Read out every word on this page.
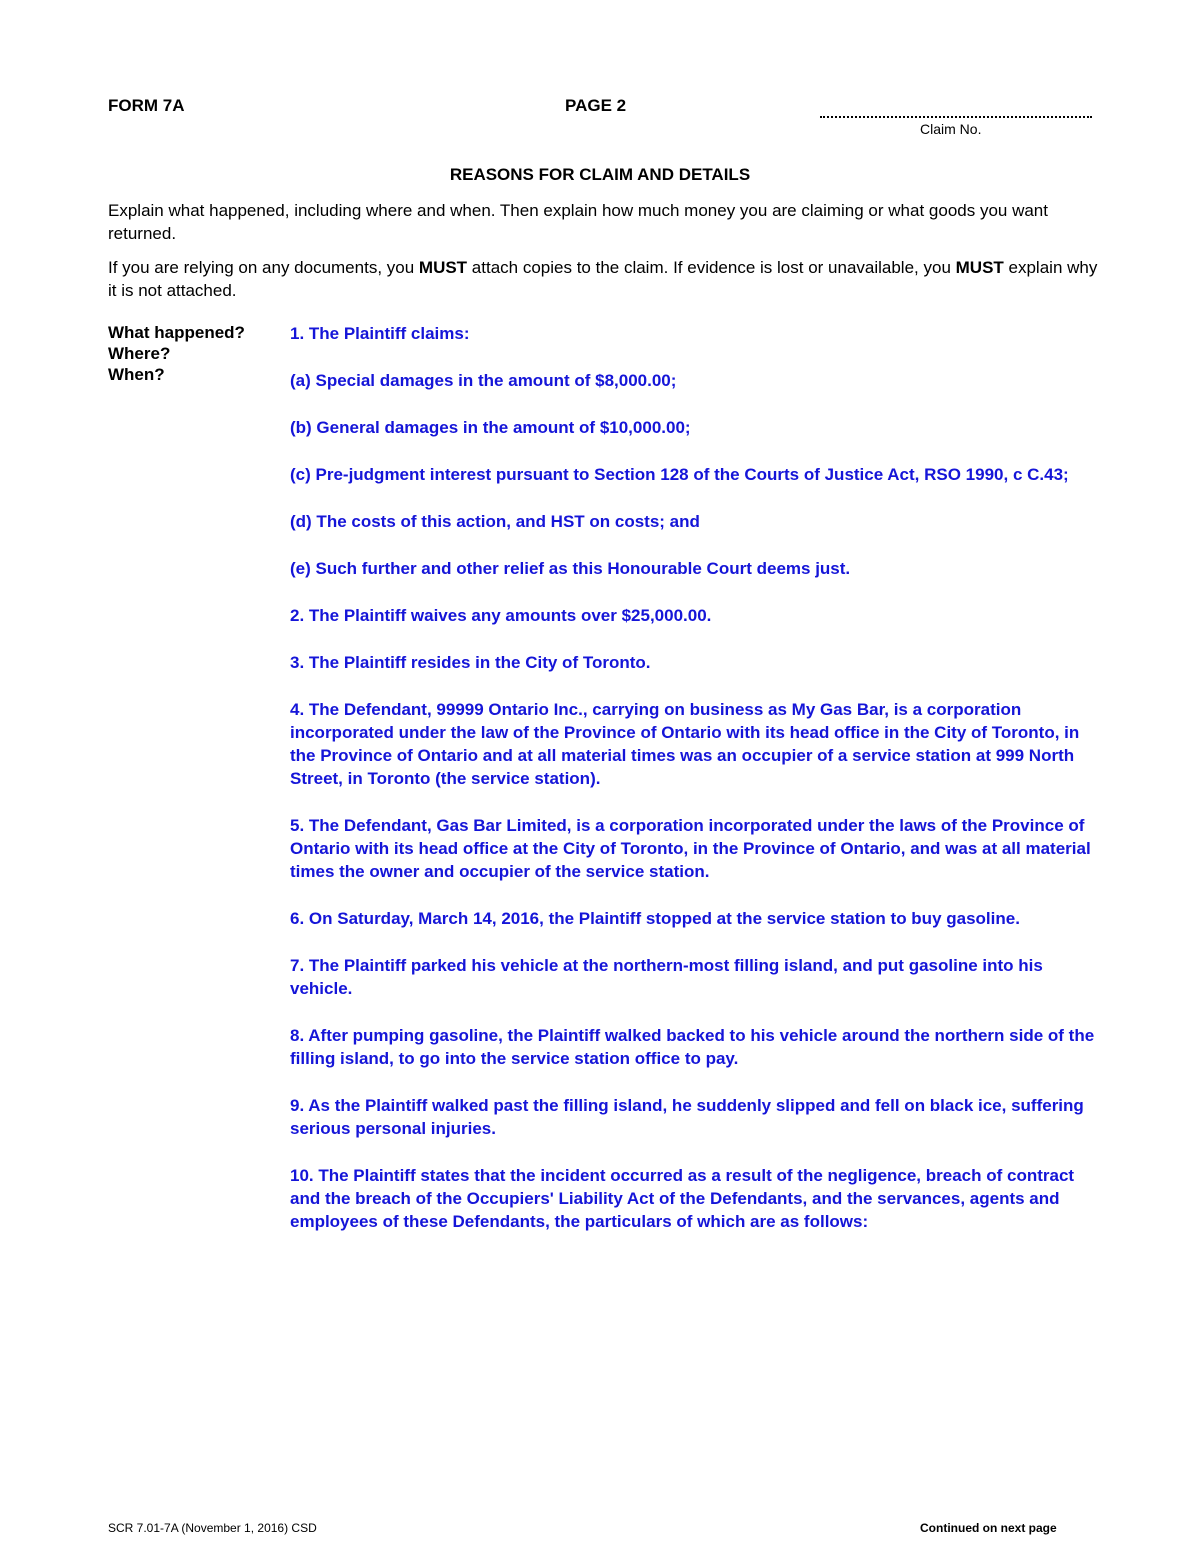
FORM 7A	PAGE 2
Claim No.
REASONS FOR CLAIM AND DETAILS
Explain what happened, including where and when. Then explain how much money you are claiming or what goods you want returned.
If you are relying on any documents, you MUST attach copies to the claim. If evidence is lost or unavailable, you MUST explain why it is not attached.
What happened?
Where?
When?

1. The Plaintiff claims:

(a) Special damages in the amount of $8,000.00;

(b) General damages in the amount of $10,000.00;

(c) Pre-judgment interest pursuant to Section 128 of the Courts of Justice Act, RSO 1990, c C.43;

(d) The costs of this action, and HST on costs; and

(e) Such further and other relief as this Honourable Court deems just.

2. The Plaintiff waives any amounts over $25,000.00.

3. The Plaintiff resides in the City of Toronto.

4. The Defendant, 99999 Ontario Inc., carrying on business as My Gas Bar, is a corporation incorporated under the law of the Province of Ontario with its head office in the City of Toronto, in the Province of Ontario and at all material times was an occupier of a service station at 999 North Street, in Toronto (the service station).

5. The Defendant, Gas Bar Limited, is a corporation incorporated under the laws of the Province of Ontario with its head office at the City of Toronto, in the Province of Ontario, and was at all material times the owner and occupier of the service station.

6. On Saturday, March 14, 2016, the Plaintiff stopped at the service station to buy gasoline.

7. The Plaintiff parked his vehicle at the northern-most filling island, and put gasoline into his vehicle.

8. After pumping gasoline, the Plaintiff walked backed to his vehicle around the northern side of the filling island, to go into the service station office to pay.

9. As the Plaintiff walked past the filling island, he suddenly slipped and fell on black ice, suffering serious personal injuries.

10. The Plaintiff states that the incident occurred as a result of the negligence, breach of contract and the breach of the Occupiers' Liability Act of the Defendants, and the servances, agents and employees of these Defendants, the particulars of which are as follows:

SCR 7.01-7A (November 1, 2016) CSD	Continued on next page
